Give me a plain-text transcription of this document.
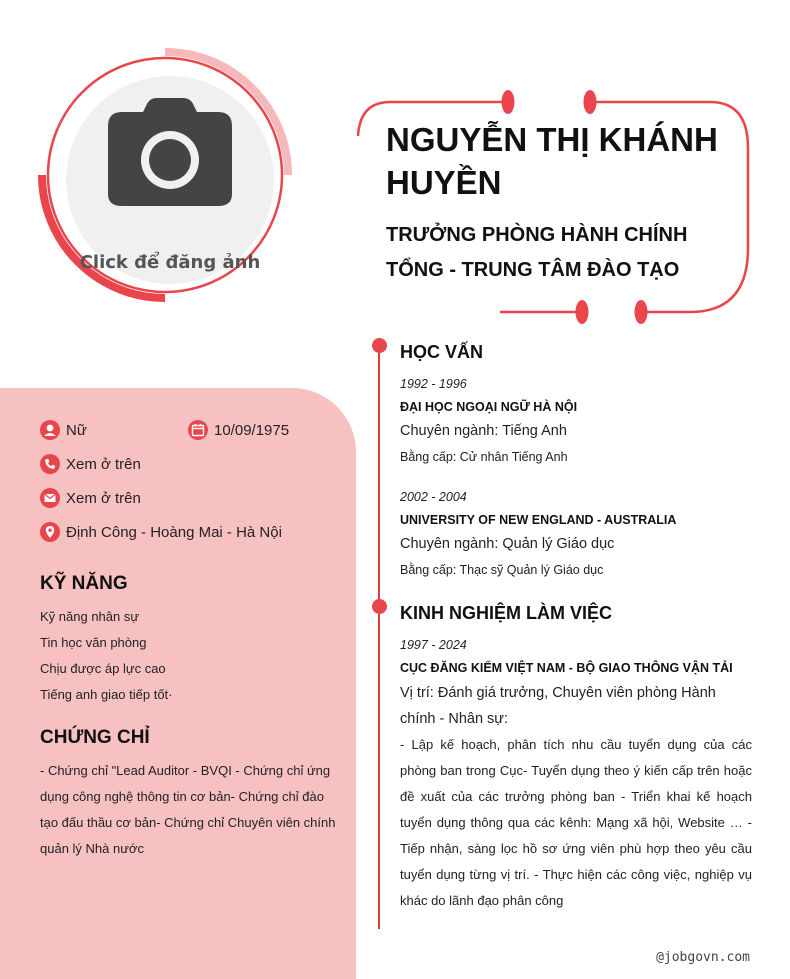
Click để đăng ảnh
NGUYỄN THỊ KHÁNH HUYỀN
TRƯỞNG PHÒNG HÀNH CHÍNH TỔNG - TRUNG TÂM ĐÀO TẠO
Nữ	10/09/1975
Xem ở trên
Xem ở trên
Định Công - Hoàng Mai - Hà Nội
KỸ NĂNG
Kỹ năng nhân sự
Tin học văn phòng
Chịu được áp lực cao
Tiếng anh giao tiếp tốt·
CHỨNG CHỈ
- Chứng chỉ "Lead Auditor - BVQI - Chứng chỉ ứng dụng công nghệ thông tin cơ bản- Chứng chỉ đào tạo đấu thầu cơ bản- Chứng chỉ Chuyên viên chính quản lý Nhà nước
HỌC VẤN
1992 - 1996
ĐẠI HỌC NGOẠI NGỮ HÀ NỘI
Chuyên ngành: Tiếng Anh
Bằng cấp: Cử nhân Tiếng Anh
2002 - 2004
UNIVERSITY OF NEW ENGLAND - AUSTRALIA
Chuyên ngành: Quản lý Giáo dục
Bằng cấp: Thạc sỹ Quản lý Giáo dục
KINH NGHIỆM LÀM VIỆC
1997 - 2024
CỤC ĐĂNG KIỂM VIỆT NAM - BỘ GIAO THÔNG VẬN TẢI
Vị trí: Đánh giá trưởng, Chuyên viên phòng Hành chính - Nhân sự:
- Lập kế hoạch, phân tích nhu cầu tuyển dụng của các phòng ban trong Cục- Tuyển dụng theo ý kiến cấp trên hoặc đề xuất của các trưởng phòng ban - Triển khai kế hoạch tuyển dụng thông qua các kênh: Mạng xã hội, Website … - Tiếp nhận, sàng lọc hồ sơ ứng viên phù hợp theo yêu cầu tuyển dụng từng vị trí. - Thực hiện các công việc, nghiệp vụ khác do lãnh đạo phân công
@jobgovn.com
